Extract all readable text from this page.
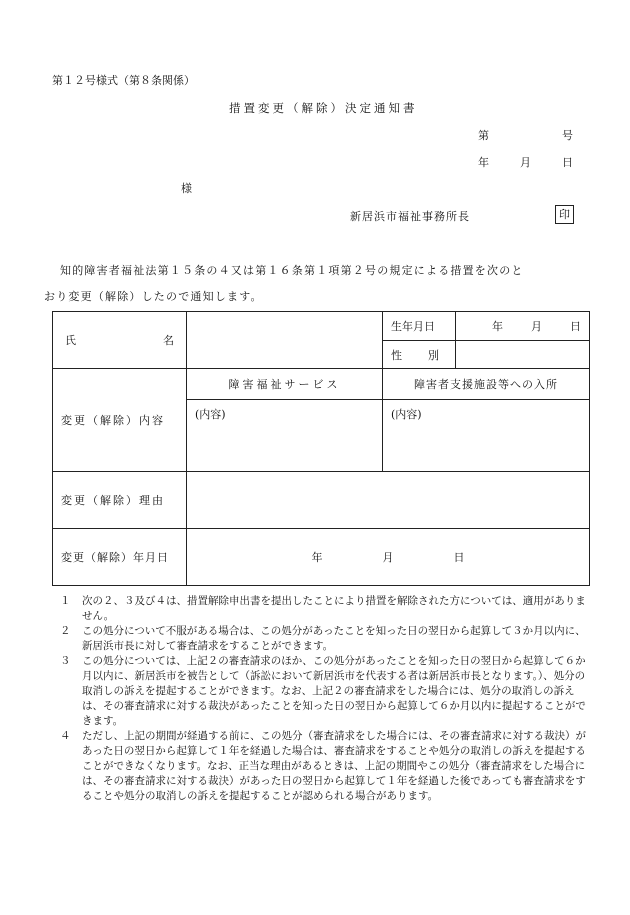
第１２号様式（第８条関係）
措置変更（解除）決定通知書
第	号
年	月	日
様
新居浜市福祉事務所長	印
知的障害者福祉法第１５条の４又は第１６条第１項第２号の規定による措置を次のと
おり変更（解除）したので通知します。
氏 名		生年月日	年 月 日

		性 別	

変更（解除）内容	障害福祉サービス	障害者支援施設等への入所	
	(内容)	(内容)	
変更（解除）理由			
変更（解除）年月日	年 月 日		
１	次の２、３及び４は、措置解除申出書を提出したことにより措置を解除された方については、適用がありません。
２	この処分について不服がある場合は、この処分があったことを知った日の翌日から起算して３か月以内に、新居浜市長に対して審査請求をすることができます。
３	この処分については、上記２の審査請求のほか、この処分があったことを知った日の翌日から起算して６か月以内に、新居浜市を被告として（訴訟において新居浜市を代表する者は新居浜市長となります。）、処分の取消しの訴えを提起することができます。なお、上記２の審査請求をした場合には、処分の取消しの訴えは、その審査請求に対する裁決があったことを知った日の翌日から起算して６か月以内に提起することができます。
４	ただし、上記の期間が経過する前に、この処分（審査請求をした場合には、その審査請求に対する裁決）があった日の翌日から起算して１年を経過した場合は、審査請求をすることや処分の取消しの訴えを提起することができなくなります。なお、正当な理由があるときは、上記の期間やこの処分（審査請求をした場合には、その審査請求に対する裁決）があった日の翌日から起算して１年を経過した後であっても審査請求をすることや処分の取消しの訴えを提起することが認められる場合があります。
